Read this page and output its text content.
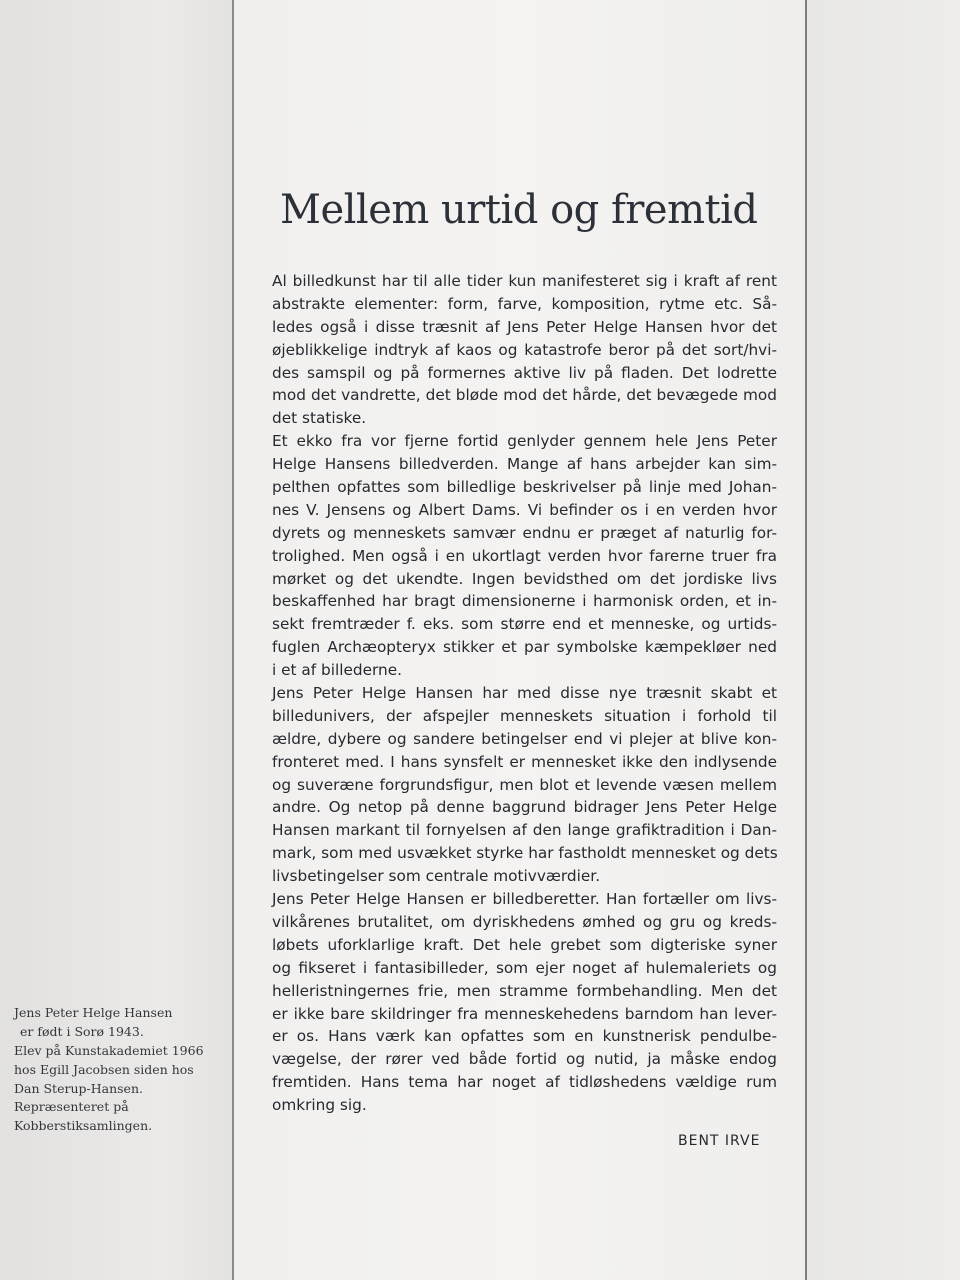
Mellem urtid og fremtid
Al billedkunst har til alle tider kun manifesteret sig i kraft af rent
abstrakte elementer: form, farve, komposition, rytme etc. Så-
ledes også i disse træsnit af Jens Peter Helge Hansen hvor det
øjeblikkelige indtryk af kaos og katastrofe beror på det sort/hvi-
des samspil og på formernes aktive liv på fladen. Det lodrette
mod det vandrette, det bløde mod det hårde, det bevægede mod
det statiske.
Et ekko fra vor fjerne fortid genlyder gennem hele Jens Peter
Helge Hansens billedverden. Mange af hans arbejder kan sim-
pelthen opfattes som billedlige beskrivelser på linje med Johan-
nes V. Jensens og Albert Dams. Vi befinder os i en verden hvor
dyrets og menneskets samvær endnu er præget af naturlig for-
trolighed. Men også i en ukortlagt verden hvor farerne truer fra
mørket og det ukendte. Ingen bevidsthed om det jordiske livs
beskaffenhed har bragt dimensionerne i harmonisk orden, et in-
sekt fremtræder f. eks. som større end et menneske, og urtids-
fuglen Archæopteryx stikker et par symbolske kæmpekløer ned
i et af billederne.
Jens Peter Helge Hansen har med disse nye træsnit skabt et
billedunivers, der afspejler menneskets situation i forhold til
ældre, dybere og sandere betingelser end vi plejer at blive kon-
fronteret med. I hans synsfelt er mennesket ikke den indlysende
og suveræne forgrundsfigur, men blot et levende væsen mellem
andre. Og netop på denne baggrund bidrager Jens Peter Helge
Hansen markant til fornyelsen af den lange grafiktradition i Dan-
mark, som med usvækket styrke har fastholdt mennesket og dets
livsbetingelser som centrale motivværdier.
Jens Peter Helge Hansen er billedberetter. Han fortæller om livs-
vilkårenes brutalitet, om dyriskhedens ømhed og gru og kreds-
løbets uforklarlige kraft. Det hele grebet som digteriske syner
og fikseret i fantasibilleder, som ejer noget af hulemaleriets og
helleristningernes frie, men stramme formbehandling. Men det
er ikke bare skildringer fra menneskehedens barndom han lever-
er os. Hans værk kan opfattes som en kunstnerisk pendulbe-
vægelse, der rører ved både fortid og nutid, ja måske endog
fremtiden. Hans tema har noget af tidløshedens vældige rum
omkring sig.
BENT IRVE
Jens Peter Helge Hansen
er født i Sorø 1943.
Elev på Kunstakademiet 1966
hos Egill Jacobsen siden hos
Dan Sterup-Hansen.
Repræsenteret på
Kobberstiksamlingen.
